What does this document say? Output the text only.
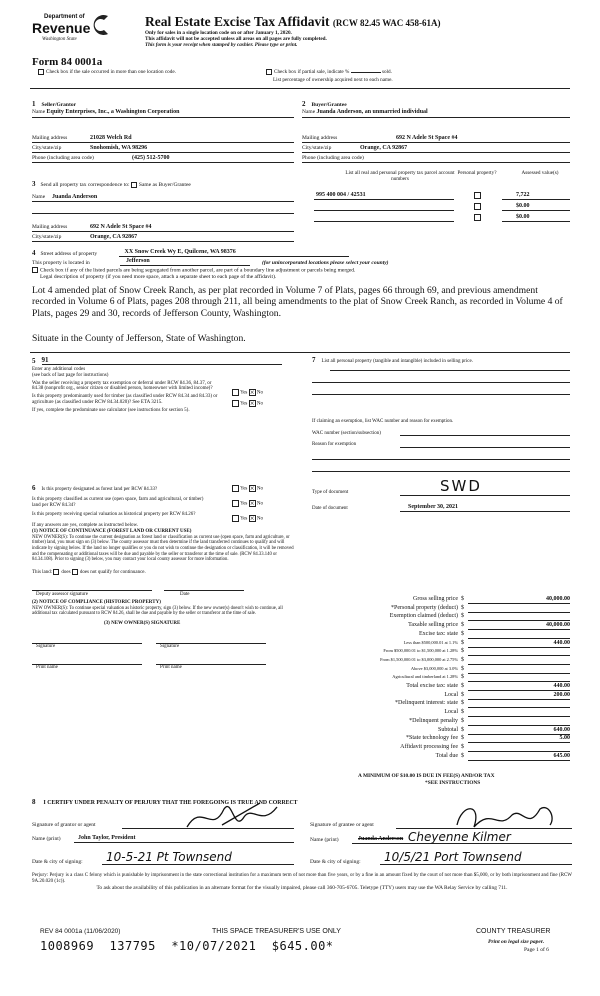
Department of
Revenue
Washington State
Real Estate Excise Tax Affidavit (RCW 82.45 WAC 458-61A)
Only for sales in a single location code on or after January 1, 2020.
This affidavit will not be accepted unless all areas on all pages are fully completed.
This form is your receipt when stamped by cashier. Please type or print.
Form 84 0001a
Check box if the sale occurred in more than one location code.	Check box if partial sale, indicate %	sold.
List percentage of ownership acquired next to each name.
1 Seller/Grantor
Name Equity Enterprises, Inc., a Washington Corporation
2 Buyer/Grantee
Name Juanda Anderson, an unmarried individual
Mailing address	21028 Welch Rd
City/state/zip	Snohomish, WA 98296
Phone (including area code)	(425) 512-5700
Mailing address	692 N Adele St Space #4
City/state/zip	Orange, CA 92867
Phone (including area code)
3 Send all property tax correspondence to: Same as Buyer/Grantee
Name	Juanda Anderson
Mailing address	692 N Adele St Space #4
City/state/zip	Orange, CA 92867
List all real and personal property tax parcel account numbers
Personal property?	Assessed value(s)
995 400 004 / 42531	7,722
$0.00
$0.00
4 Street address of property	XX Snow Creek Wy E, Quilcene, WA 98376
This property is located in	Jefferson	(for unincorporated locations please select your county)
Check box if any of the listed parcels are being segregated from another parcel, are part of a boundary line adjustment or parcels being merged.
Legal description of property (if you need more space, attach a separate sheet to each page of the affidavit).
Lot 4 amended plat of Snow Creek Ranch, as per plat recorded in Volume 7 of Plats, pages 66 through 69, and previous amendment recorded in Volume 6 of Plats, pages 208 through 211, all being amendments to the plat of Snow Creek Ranch, as recorded in Volume 4 of Plats, pages 29 and 30, records of Jefferson County, Washington.
Situate in the County of Jefferson, State of Washington.
5 91
Enter any additional codes
(see back of last page for instructions)
Was the seller receiving a property tax exemption or deferral under RCW 84.36, 84.37, or 84.38 (nonprofit org., senior citizen or disabled person, homeowner with limited income)?
Yes × No
Is this property predominantly used for timber (as classified under RCW 84.34 and 84.33) or agriculture (as classified under RCW 84.34.020)? See ETA 3215.	Yes × No
If yes, complete the predominate use calculator (see instructions for section 5).
6 Is this property designated as forest land per RCW 84.33?	Yes × No
Is this property classified as current use (open space, farm and agricultural, or timber) land per RCW 84.34?	Yes × No
Is this property receiving special valuation as historical property per RCW 84.26?
Yes × No
If any answers are yes, complete as instructed below.
(1) NOTICE OF CONTINUANCE (FOREST LAND OR CURRENT USE)
NEW OWNER(S): To continue the current designation as forest land or classification as current use (open space, farm and agriculture, or timber) land, you must sign on (3) below. The county assessor must then determine if the land transferred continues to qualify and will indicate by signing below. If the land no longer qualifies or you do not wish to continue the designation or classification, it will be removed and the compensating or additional taxes will be due and payable by the seller or transferor at the time of sale. (RCW 84.33.140 or 84.34.108). Prior to signing (3) below, you may contact your local county assessor for more information.
This land: does does not qualify for continuance.
Deputy assessor signature	Date
(2) NOTICE OF COMPLIANCE (HISTORIC PROPERTY)
NEW OWNER(S): To continue special valuation as historic property, sign (3) below. If the new owner(s) doesn't wish to continue, all additional tax calculated pursuant to RCW 84.26, shall be due and payable by the seller or transferor at the time of sale.
(3) NEW OWNER(S) SIGNATURE
Signature	Signature
Print name	Print name
7 List all personal property (tangible and intangible) included in selling price.
If claiming an exemption, list WAC number and reason for exemption.
WAC number (section/subsection)
Reason for exemption
Type of document	SWD
Date of document	September 30, 2021
Gross selling price $	40,000.00
*Personal property (deduct) $
Exemption claimed (deduct) $
Taxable selling price $	40,000.00
Excise tax: state $
Less than $500,000.01 at 1.1% $	440.00
From $500,000.01 to $1,500,000 at 1.28% $
From $1,500,000.01 to $3,000,000 at 2.75% $
Above $3,000,000 at 3.0% $
Agricultural and timberland at 1.28% $
Total excise tax: state $	440.00
Local $	200.00
*Delinquent interest: state $
Local $
*Delinquent penalty $
Subtotal $	640.00
*State technology fee $	5.00
Affidavit processing fee $
Total due $	645.00
A MINIMUM OF $10.00 IS DUE IN FEE(S) AND/OR TAX
*SEE INSTRUCTIONS
8 I CERTIFY UNDER PENALTY OF PERJURY THAT THE FOREGOING IS TRUE AND CORRECT
Signature of grantor or agent	Signature of grantee or agent
Name (print)	John Taylor, President	Name (print)	Juanda Anderson Cheyenne Kilmer
Date & city of signing:	10-5-21 Pt Townsend	Date & city of signing:	10/5/21 Port Townsend
Perjury: Perjury is a class C felony which is punishable by imprisonment in the state correctional institution for a maximum term of not more than five years, or by a fine in an amount fixed by the court of not more than $5,000, or by both imprisonment and fine (RCW 9A.20.020 (1c)).
To ask about the availability of this publication in an alternate format for the visually impaired, please call 360-705-6705. Teletype (TTY) users may use the WA Relay Service by calling 711.
REV 84 0001a (11/06/2020)	THIS SPACE TREASURER'S USE ONLY	COUNTY TREASURER
Print on legal size paper.
Page 1 of 6
1008969  137795  *10/07/2021  $645.00*
